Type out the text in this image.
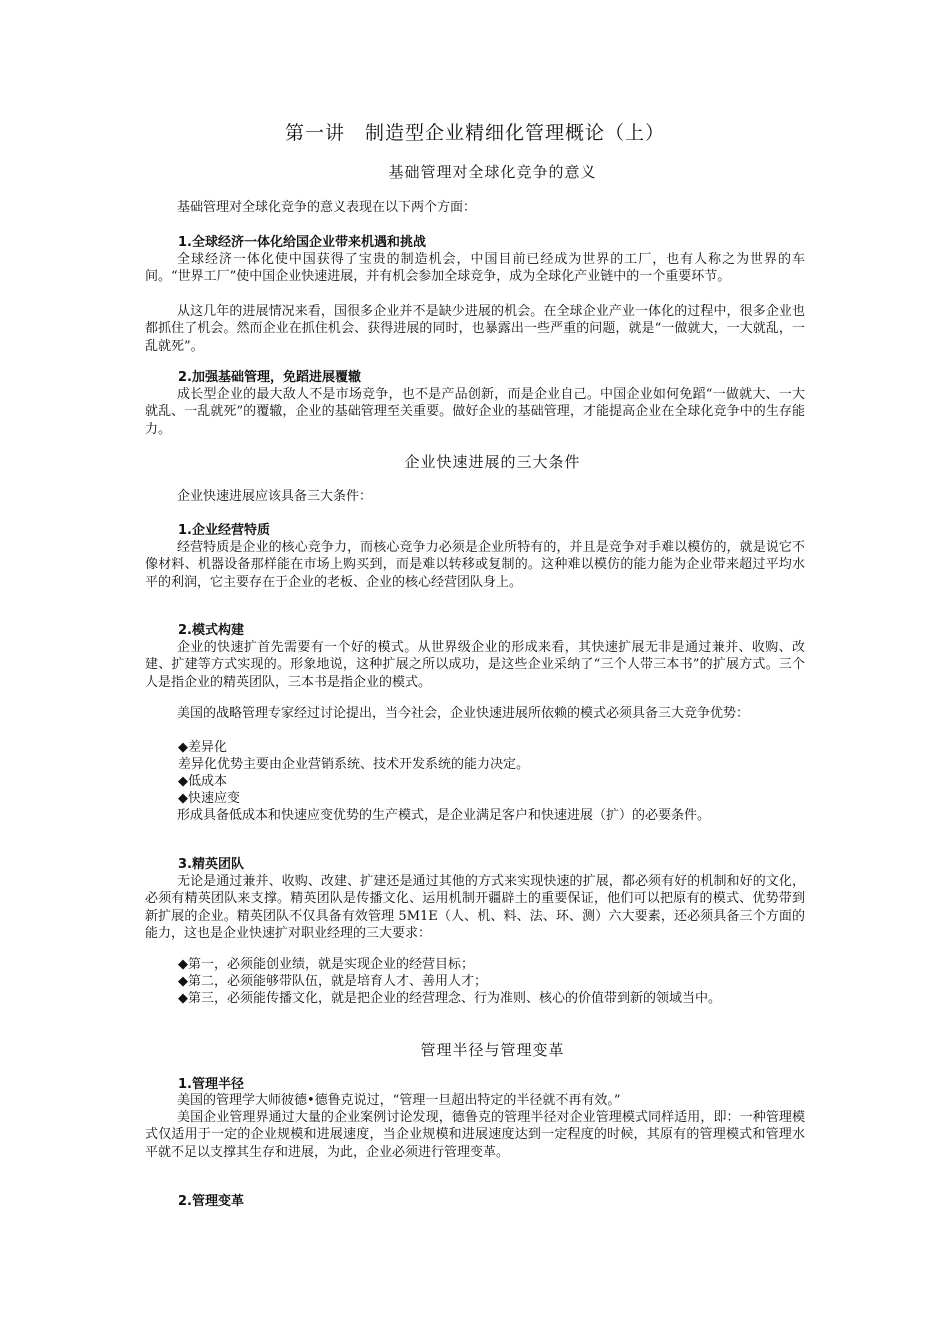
第一讲　制造型企业精细化管理概论（上）
基础管理对全球化竞争的意义

基础管理对全球化竞争的意义表现在以下两个方面：

1.全球经济一体化给国企业带来机遇和挑战

全球经济一体化使中国获得了宝贵的制造机会，中国目前已经成为世界的工厂，也有人称之为世界的车间。“世界工厂”使中国企业快速进展，并有机会参加全球竞争，成为全球化产业链中的一个重要环节。

从这几年的进展情况来看，国很多企业并不是缺少进展的机会。在全球企业产业一体化的过程中，很多企业也都抓住了机会。然而企业在抓住机会、获得进展的同时，也暴露出一些严重的问题，就是“一做就大，一大就乱，一乱就死”。

2.加强基础管理，免蹈进展覆辙

成长型企业的最大敌人不是市场竞争，也不是产品创新，而是企业自己。中国企业如何免蹈“一做就大、一大就乱、一乱就死”的覆辙，企业的基础管理至关重要。做好企业的基础管理，才能提高企业在全球化竞争中的生存能力。

企业快速进展的三大条件

企业快速进展应该具备三大条件：

1.企业经营特质

经营特质是企业的核心竞争力，而核心竞争力必须是企业所特有的，并且是竞争对手难以模仿的，就是说它不像材料、机器设备那样能在市场上购买到，而是难以转移或复制的。这种难以模仿的能力能为企业带来超过平均水平的利润，它主要存在于企业的老板、企业的核心经营团队身上。

2.模式构建

企业的快速扩首先需要有一个好的模式。从世界级企业的形成来看，其快速扩展无非是通过兼并、收购、改建、扩建等方式实现的。形象地说，这种扩展之所以成功，是这些企业采纳了“三个人带三本书”的扩展方式。三个人是指企业的精英团队，三本书是指企业的模式。

美国的战略管理专家经过讨论提出，当今社会，企业快速进展所依赖的模式必须具备三大竞争优势：

◆差异化

差异化优势主要由企业营销系统、技术开发系统的能力决定。

◆低成本

◆快速应变

形成具备低成本和快速应变优势的生产模式，是企业满足客户和快速进展（扩）的必要条件。

3.精英团队

无论是通过兼并、收购、改建、扩建还是通过其他的方式来实现快速的扩展，都必须有好的机制和好的文化，必须有精英团队来支撑。精英团队是传播文化、运用机制开疆辟土的重要保证，他们可以把原有的模式、优势带到新扩展的企业。精英团队不仅具备有效管理 5M1E（人、机、料、法、环、测）六大要素，还必须具备三个方面的能力，这也是企业快速扩对职业经理的三大要求：

◆第一，必须能创业绩，就是实现企业的经营目标；

◆第二，必须能够带队伍，就是培育人才、善用人才；

◆第三，必须能传播文化，就是把企业的经营理念、行为准则、核心的价值带到新的领域当中。

管理半径与管理变革
1.管理半径

美国的管理学大师彼德•德鲁克说过，“管理一旦超出特定的半径就不再有效。”

美国企业管理界通过大量的企业案例讨论发现，德鲁克的管理半径对企业管理模式同样适用，即：一种管理模式仅适用于一定的企业规模和进展速度，当企业规模和进展速度达到一定程度的时候，其原有的管理模式和管理水平就不足以支撑其生存和进展，为此，企业必须进行管理变革。

2.管理变革
